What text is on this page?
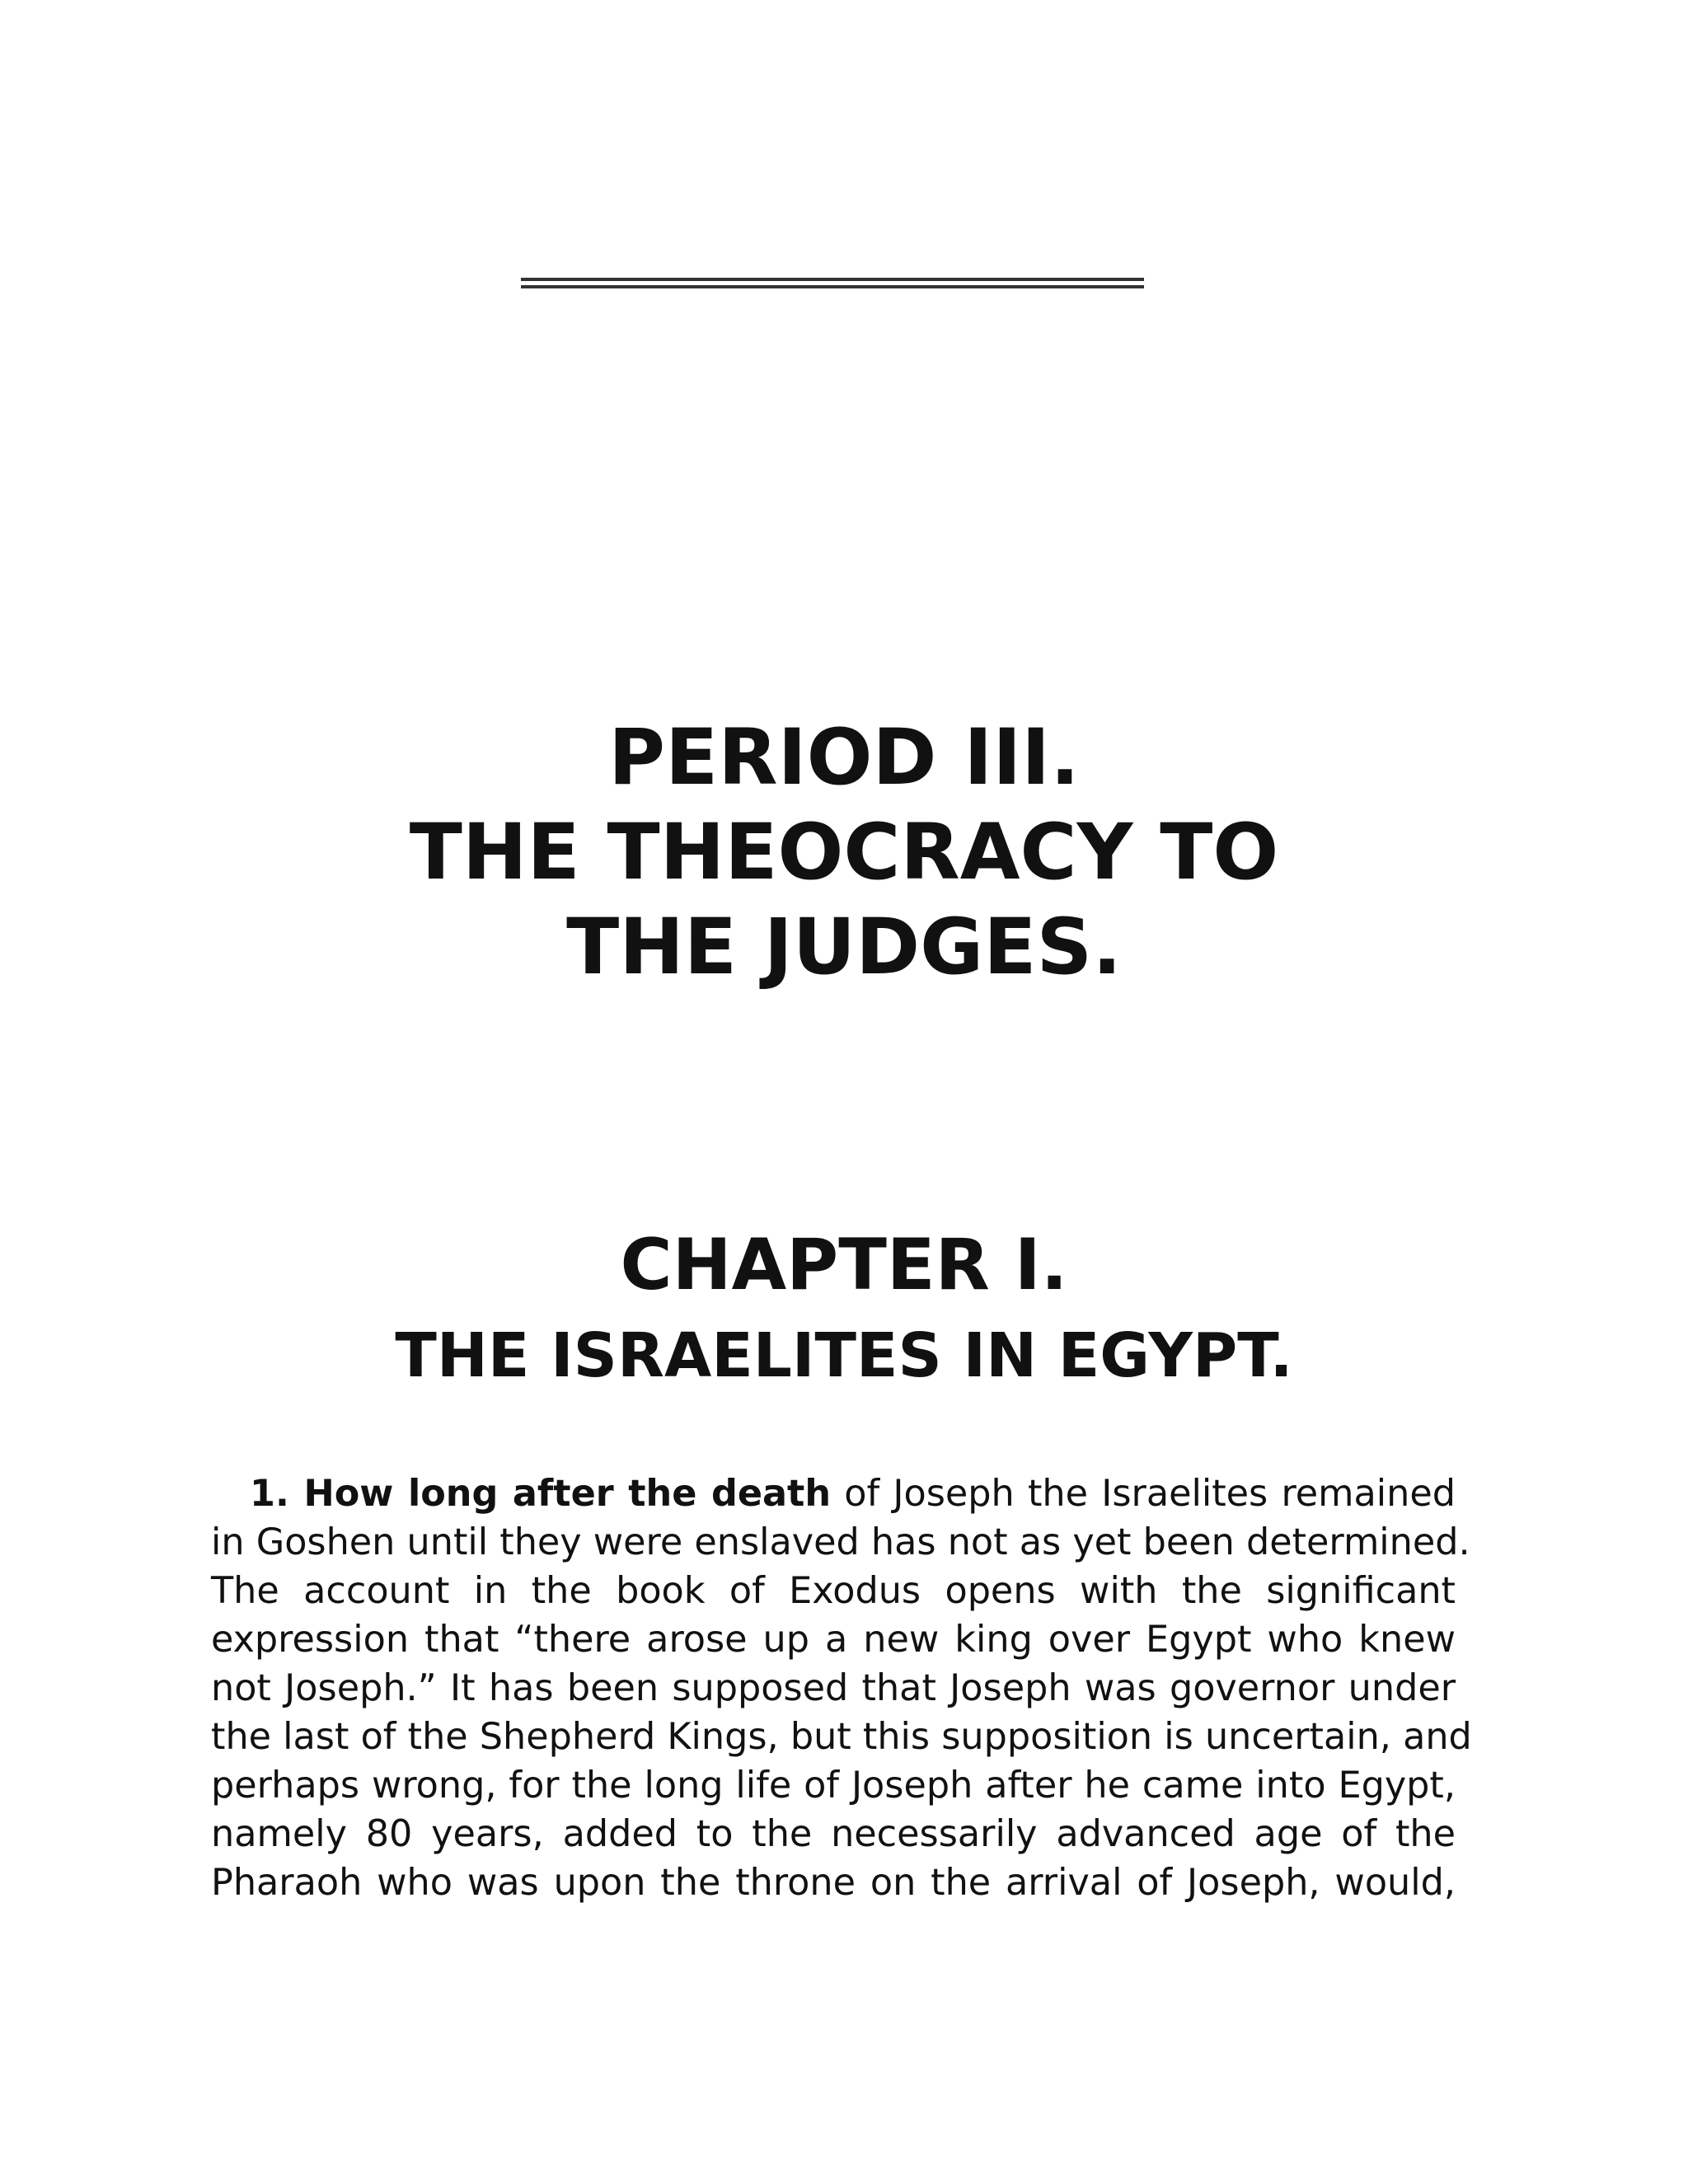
PERIOD III.
THE THEOCRACY TO
THE JUDGES.
CHAPTER I.
THE ISRAELITES IN EGYPT.
1. How long after the death of Joseph the Israelites remained
in Goshen until they were enslaved has not as yet been determined.
The account in the book of Exodus opens with the significant
expression that “there arose up a new king over Egypt who knew
not Joseph.” It has been supposed that Joseph was governor under
the last of the Shepherd Kings, but this supposition is uncertain, and
perhaps wrong, for the long life of Joseph after he came into Egypt,
namely 80 years, added to the necessarily advanced age of the
Pharaoh who was upon the throne on the arrival of Joseph, would,
